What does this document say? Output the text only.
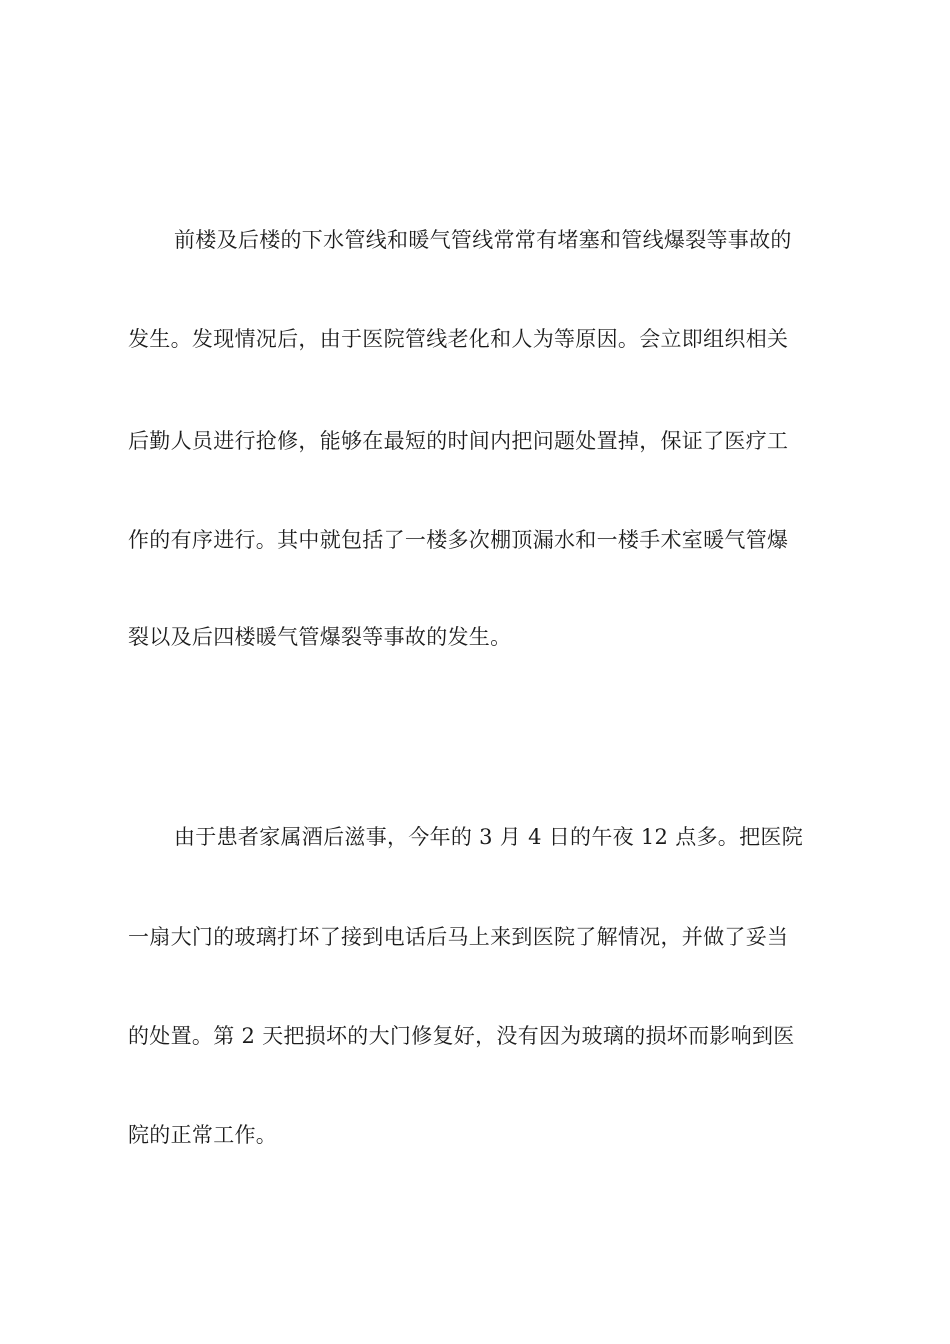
前楼及后楼的下水管线和暖气管线常常有堵塞和管线爆裂等事故的
发生。发现情况后，由于医院管线老化和人为等原因。会立即组织相关
后勤人员进行抢修，能够在最短的时间内把问题处置掉，保证了医疗工
作的有序进行。其中就包括了一楼多次棚顶漏水和一楼手术室暖气管爆
裂以及后四楼暖气管爆裂等事故的发生。
由于患者家属酒后滋事，今年的 3 月 4 日的午夜 12 点多。把医院
一扇大门的玻璃打坏了接到电话后马上来到医院了解情况，并做了妥当
的处置。第 2 天把损坏的大门修复好，没有因为玻璃的损坏而影响到医
院的正常工作。
